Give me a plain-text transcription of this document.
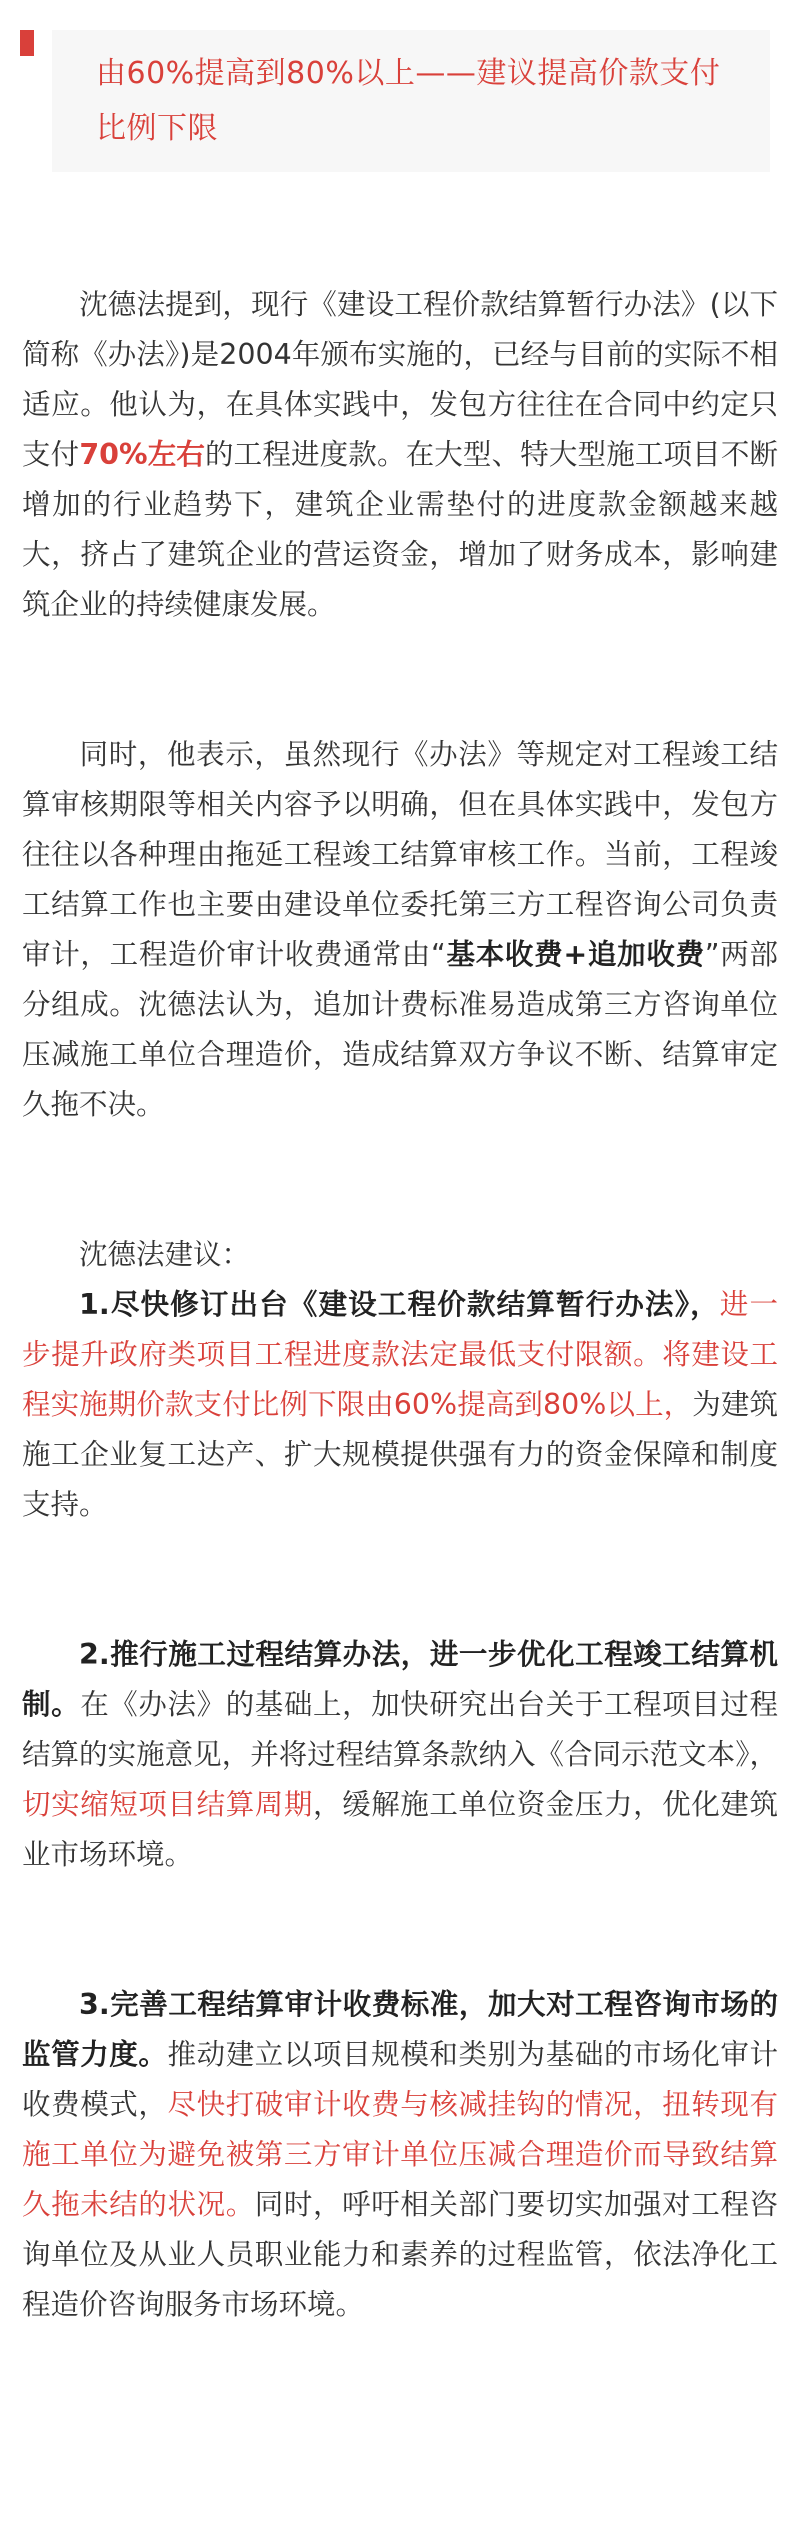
由60%提高到80%以上——建议提高价款支付比例下限

沈德法提到，现行《建设工程价款结算暂行办法》(以下简称《办法》)是2004年颁布实施的，已经与目前的实际不相适应。他认为，在具体实践中，发包方往往在合同中约定只支付70%左右的工程进度款。在大型、特大型施工项目不断增加的行业趋势下，建筑企业需垫付的进度款金额越来越大，挤占了建筑企业的营运资金，增加了财务成本，影响建筑企业的持续健康发展。

同时，他表示，虽然现行《办法》等规定对工程竣工结算审核期限等相关内容予以明确，但在具体实践中，发包方往往以各种理由拖延工程竣工结算审核工作。当前，工程竣工结算工作也主要由建设单位委托第三方工程咨询公司负责审计，工程造价审计收费通常由“基本收费+追加收费”两部分组成。沈德法认为，追加计费标准易造成第三方咨询单位压减施工单位合理造价，造成结算双方争议不断、结算审定久拖不决。

沈德法建议：
1.尽快修订出台《建设工程价款结算暂行办法》，进一步提升政府类项目工程进度款法定最低支付限额。将建设工程实施期价款支付比例下限由60%提高到80%以上，为建筑施工企业复工达产、扩大规模提供强有力的资金保障和制度支持。

2.推行施工过程结算办法，进一步优化工程竣工结算机制。在《办法》的基础上，加快研究出台关于工程项目过程结算的实施意见，并将过程结算条款纳入《合同示范文本》，切实缩短项目结算周期，缓解施工单位资金压力，优化建筑业市场环境。

3.完善工程结算审计收费标准，加大对工程咨询市场的监管力度。推动建立以项目规模和类别为基础的市场化审计收费模式，尽快打破审计收费与核减挂钩的情况，扭转现有施工单位为避免被第三方审计单位压减合理造价而导致结算久拖未结的状况。同时，呼吁相关部门要切实加强对工程咨询单位及从业人员职业能力和素养的过程监管，依法净化工程造价咨询服务市场环境。
